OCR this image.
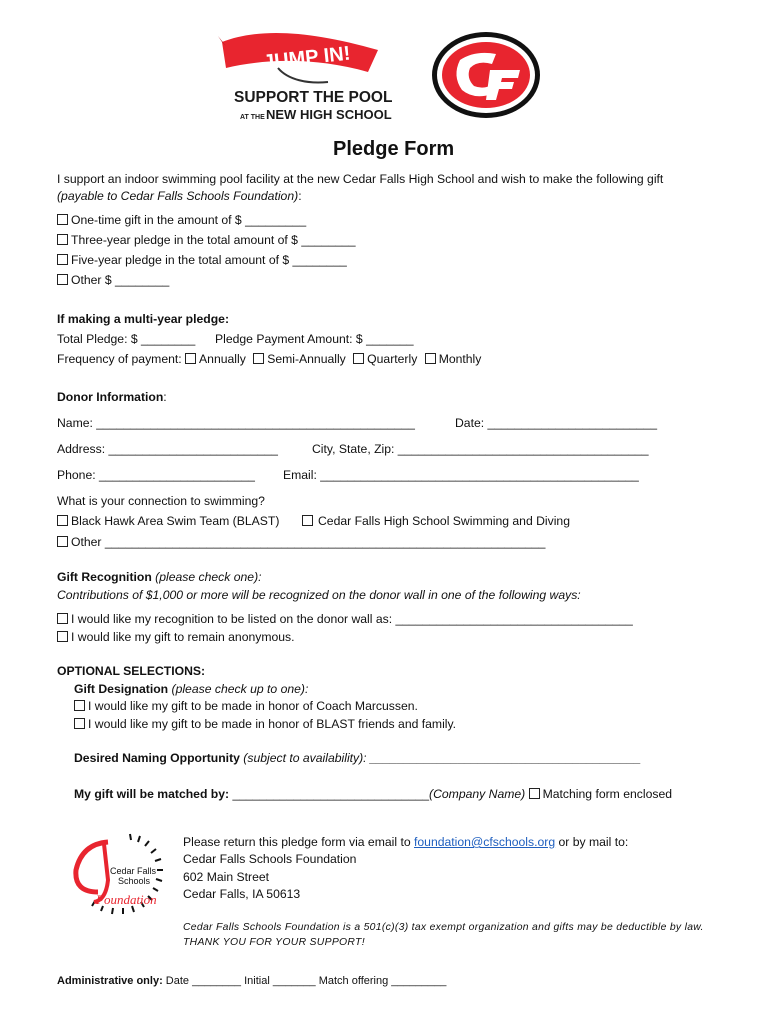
JUMP IN!
SUPPORT THE POOL
AT THE NEW HIGH SCHOOL
Pledge Form
I support an indoor swimming pool facility at the new Cedar Falls High School and wish to make the following gift
(payable to Cedar Falls Schools Foundation):
One-time gift in the amount of $ _________
Three-year pledge in the total amount of $ ________
Five-year pledge in the total amount of $ ________
Other $ ________
If making a multi-year pledge:
Total Pledge: $ ________ Pledge Payment Amount: $ _______
Frequency of payment: Annually Semi-Annually Quarterly Monthly
Donor Information:
Name: _______________________________________________	Date: _________________________
Address: _________________________	City, State, Zip: _____________________________________
Phone: _______________________ Email: _______________________________________________
What is your connection to swimming?
Black Hawk Area Swim Team (BLAST)	Cedar Falls High School Swimming and Diving
Other _________________________________________________________________
Gift Recognition (please check one):
Contributions of $1,000 or more will be recognized on the donor wall in one of the following ways:
I would like my recognition to be listed on the donor wall as: ___________________________________
I would like my gift to remain anonymous.
OPTIONAL SELECTIONS:
Gift Designation (please check up to one):
I would like my gift to be made in honor of Coach Marcussen.
I would like my gift to be made in honor of BLAST friends and family.
Desired Naming Opportunity (subject to availability): ________________________________________
My gift will be matched by: _____________________________(Company Name) Matching form enclosed
Cedar Falls
Schools
Foundation
Please return this pledge form via email to foundation@cfschools.org or by mail to:
Cedar Falls Schools Foundation
602 Main Street
Cedar Falls, IA 50613
Cedar Falls Schools Foundation is a 501(c)(3) tax exempt organization and gifts may be deductible by law.
THANK YOU FOR YOUR SUPPORT!
Administrative only: Date ________ Initial _______ Match offering _________
